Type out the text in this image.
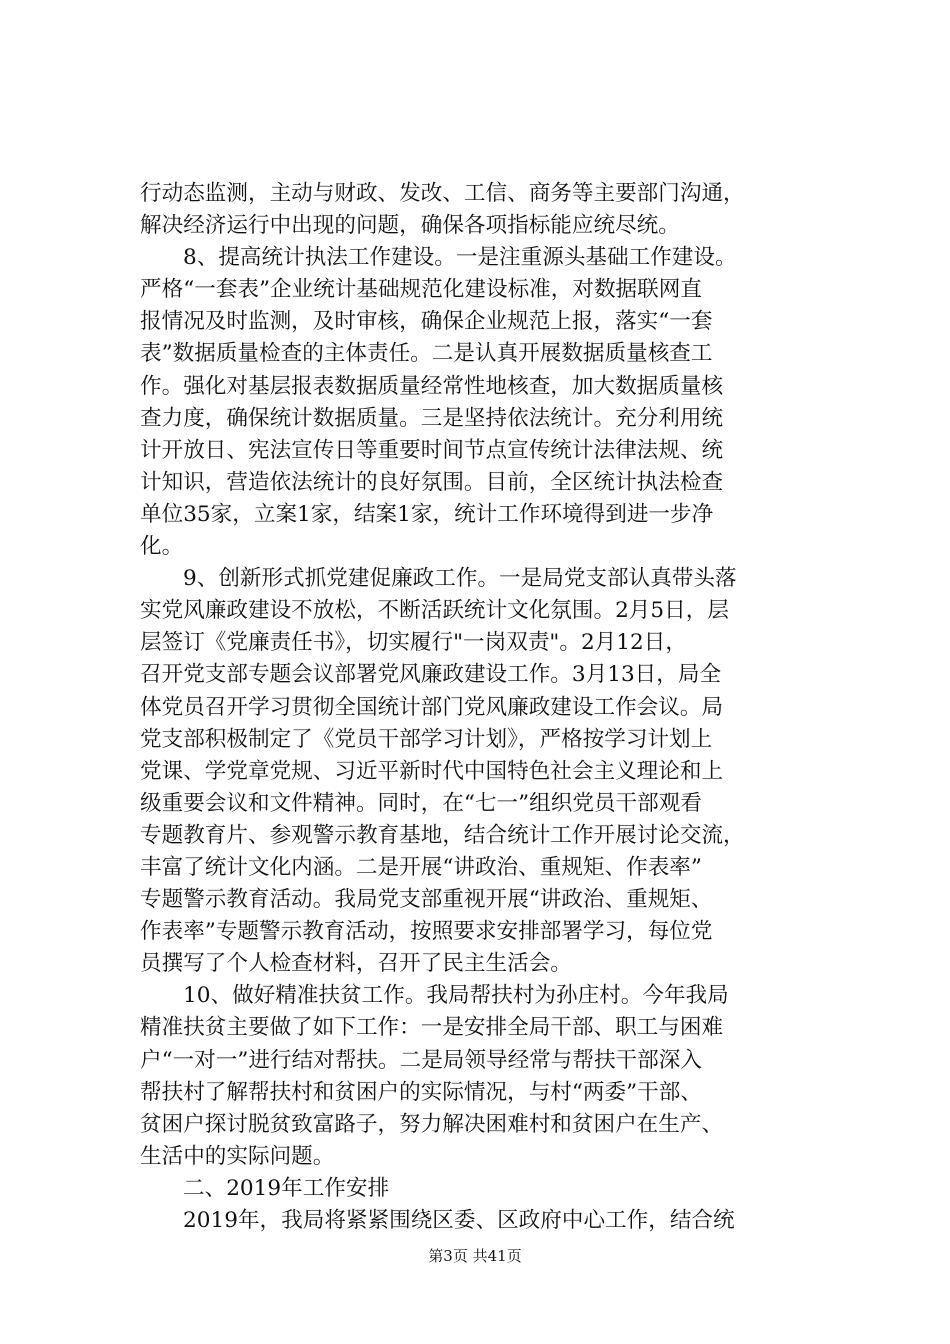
行动态监测，主动与财政、发改、工信、商务等主要部门沟通，
解决经济运行中出现的问题，确保各项指标能应统尽统。
8、提高统计执法工作建设。一是注重源头基础工作建设。
严格“一套表”企业统计基础规范化建设标准，对数据联网直
报情况及时监测，及时审核，确保企业规范上报，落实“一套
表”数据质量检查的主体责任。二是认真开展数据质量核查工
作。强化对基层报表数据质量经常性地核查，加大数据质量核
查力度，确保统计数据质量。三是坚持依法统计。充分利用统
计开放日、宪法宣传日等重要时间节点宣传统计法律法规、统
计知识，营造依法统计的良好氛围。目前，全区统计执法检查
单位35家，立案1家，结案1家，统计工作环境得到进一步净
化。
9、创新形式抓党建促廉政工作。一是局党支部认真带头落
实党风廉政建设不放松，不断活跃统计文化氛围。2月5日，层
层签订《党廉责任书》，切实履行"一岗双责"。2月12日，
召开党支部专题会议部署党风廉政建设工作。3月13日，局全
体党员召开学习贯彻全国统计部门党风廉政建设工作会议。局
党支部积极制定了《党员干部学习计划》，严格按学习计划上
党课、学党章党规、习近平新时代中国特色社会主义理论和上
级重要会议和文件精神。同时，在“七一”组织党员干部观看
专题教育片、参观警示教育基地，结合统计工作开展讨论交流，
丰富了统计文化内涵。二是开展“讲政治、重规矩、作表率”
专题警示教育活动。我局党支部重视开展“讲政治、重规矩、
作表率”专题警示教育活动，按照要求安排部署学习，每位党
员撰写了个人检查材料，召开了民主生活会。
10、做好精准扶贫工作。我局帮扶村为孙庄村。今年我局
精准扶贫主要做了如下工作：一是安排全局干部、职工与困难
户“一对一”进行结对帮扶。二是局领导经常与帮扶干部深入
帮扶村了解帮扶村和贫困户的实际情况，与村“两委”干部、
贫困户探讨脱贫致富路子，努力解决困难村和贫困户在生产、
生活中的实际问题。
二、2019年工作安排
2019年，我局将紧紧围绕区委、区政府中心工作，结合统
第3页 共41页
